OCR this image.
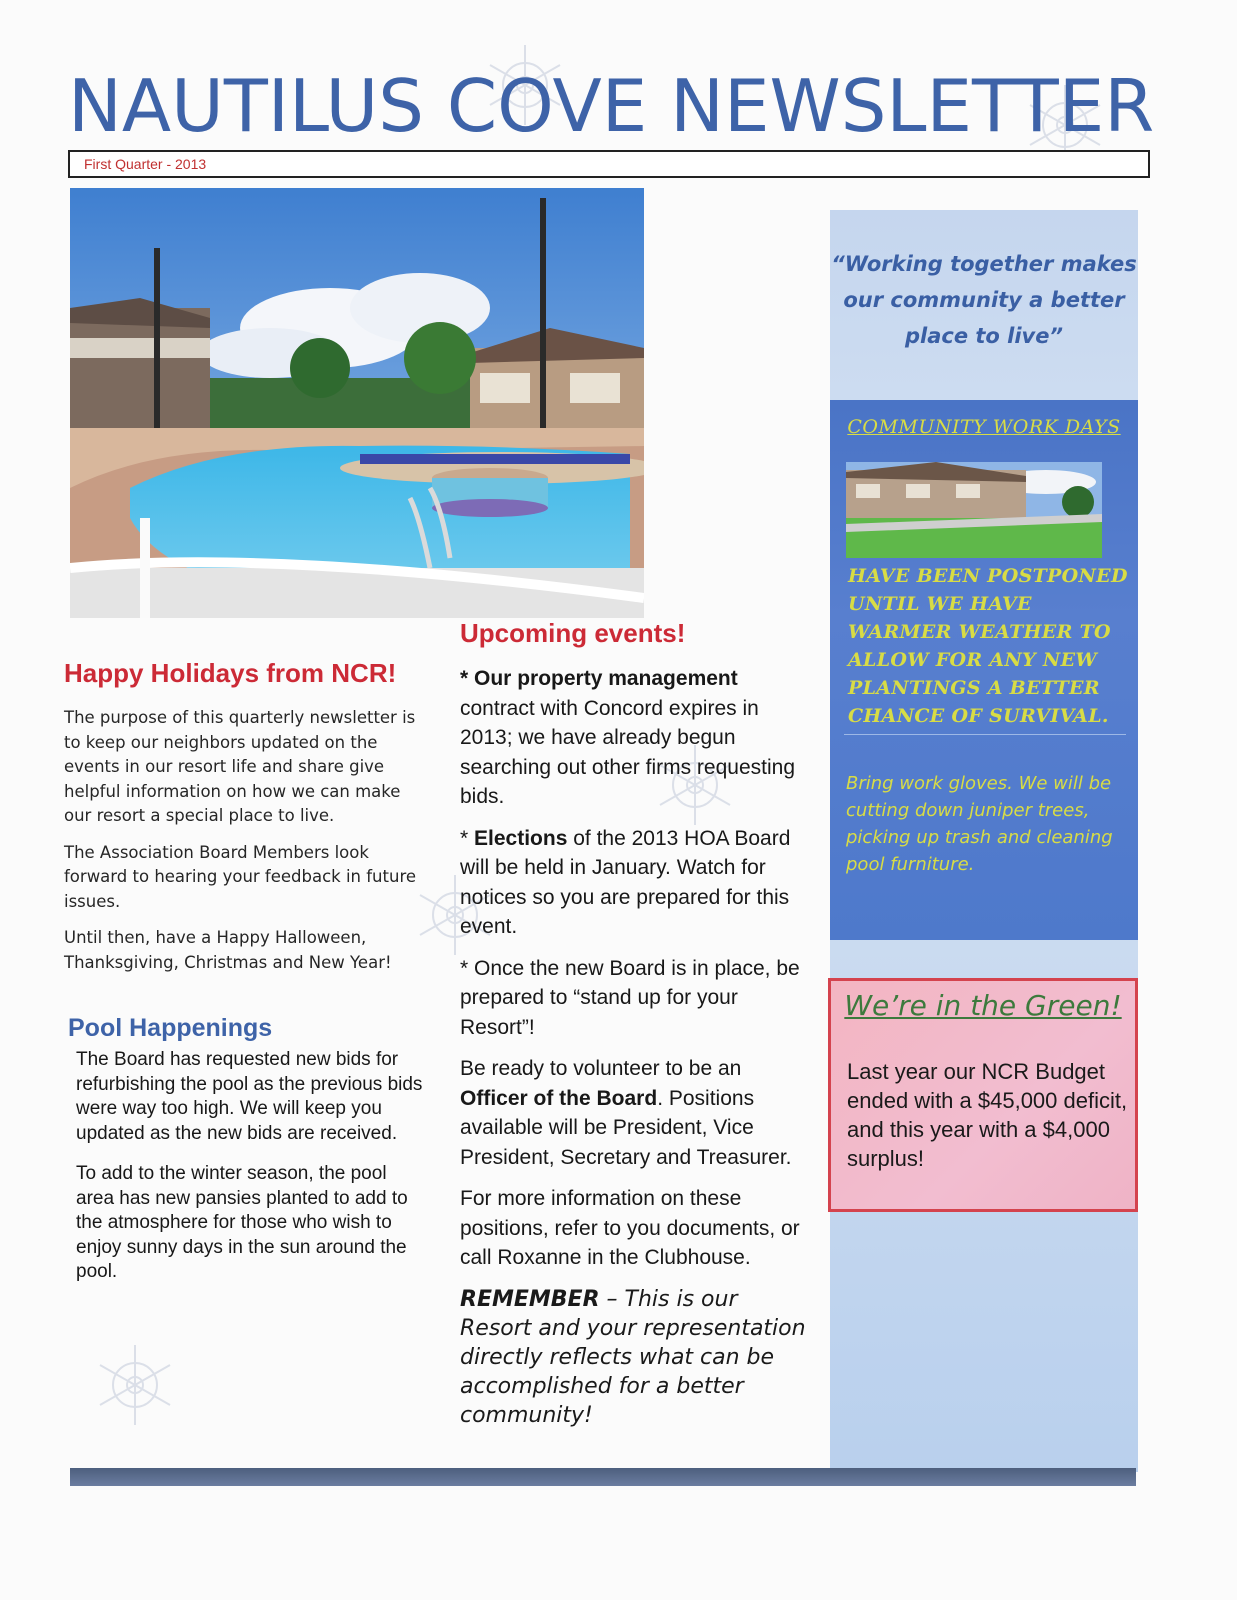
NAUTILUS COVE NEWSLETTER
First Quarter - 2013
Happy Holidays from NCR!

The purpose of this quarterly newsletter is to keep our neighbors updated on the events in our resort life and share give helpful information on how we can make our resort a special place to live.

The Association Board Members look forward to hearing your feedback in future issues.

Until then, have a Happy Halloween, Thanksgiving, Christmas and New Year!

Pool Happenings

The Board has requested new bids for refurbishing the pool as the previous bids were way too high. We will keep you updated as the new bids are received.

To add to the winter season, the pool area has new pansies planted to add to the atmosphere for those who wish to enjoy sunny days in the sun around the pool.

Upcoming events!

* Our property management contract with Concord expires in 2013; we have already begun searching out other firms requesting bids.

* Elections of the 2013 HOA Board will be held in January. Watch for notices so you are prepared for this event.

* Once the new Board is in place, be prepared to “stand up for your Resort”!

Be ready to volunteer to be an Officer of the Board. Positions available will be President, Vice President, Secretary and Treasurer.

For more information on these positions, refer to you documents, or call Roxanne in the Clubhouse.

REMEMBER – This is our Resort and your representation directly reflects what can be accomplished for a better community!

“Working together makes our community a better place to live”
COMMUNITY WORK DAYS
HAVE BEEN POSTPONED UNTIL WE HAVE WARMER WEATHER TO ALLOW FOR ANY NEW PLANTINGS A BETTER CHANCE OF SURVIVAL.
Bring work gloves. We will be cutting down juniper trees, picking up trash and cleaning pool furniture.
We’re in the Green!
Last year our NCR Budget ended with a $45,000 deficit, and this year with a $4,000 surplus!
